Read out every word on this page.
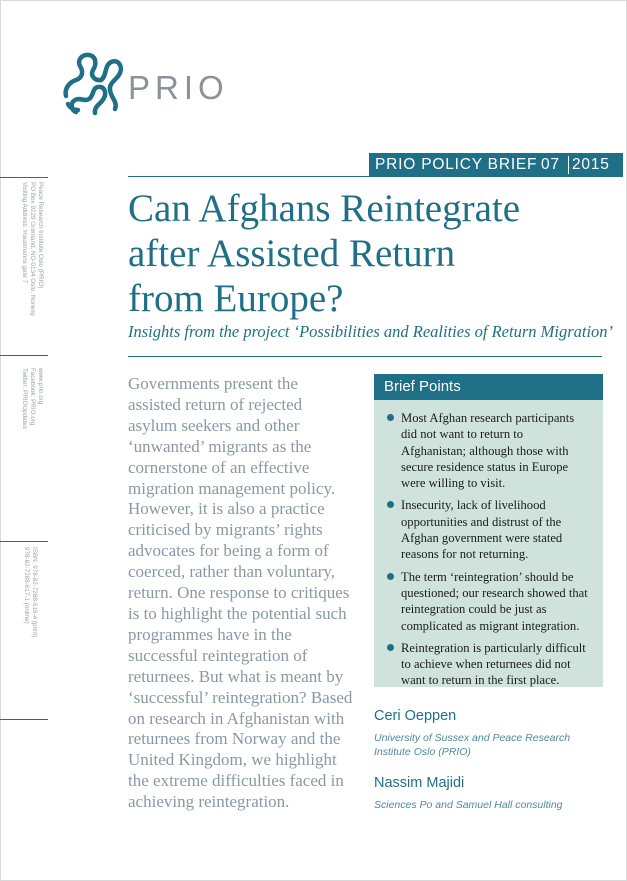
PRIO
Peace Research Institute Oslo (PRIO)
PO Box 9229 Grønland, NO-0134 Oslo, Norway
Visiting Address: Hausmanns gate 7
www.prio.org
Facebook: PRIO.org
Twitter: PRIOUpdates
ISBN: 978-82-7288-616-4 (print)
978-82-7288-617-1 (online)
PRIO POLICY BRIEF 07 2015
Can Afghans Reintegrate
after Assisted Return
from Europe?
Insights from the project ‘Possibilities and Realities of Return Migration’
Governments present the
assisted return of rejected
asylum seekers and other
‘unwanted’ migrants as the
cornerstone of an effective
migration management policy.
However, it is also a practice
criticised by migrants’ rights
advocates for being a form of
coerced, rather than voluntary,
return. One response to critiques
is to highlight the potential such
programmes have in the
successful reintegration of
returnees. But what is meant by
‘successful’ reintegration? Based
on research in Afghanistan with
returnees from Norway and the
United Kingdom, we highlight
the extreme difficulties faced in
achieving reintegration.
Brief Points
Most Afghan research participants
did not want to return to
Afghanistan; although those with
secure residence status in Europe
were willing to visit.
Insecurity, lack of livelihood
opportunities and distrust of the
Afghan government were stated
reasons for not returning.
The term ‘reintegration’ should be
questioned; our research showed that
reintegration could be just as
complicated as migrant integration.
Reintegration is particularly difficult
to achieve when returnees did not
want to return in the first place.
Ceri Oeppen
University of Sussex and Peace Research
Institute Oslo (PRIO)
Nassim Majidi
Sciences Po and Samuel Hall consulting
